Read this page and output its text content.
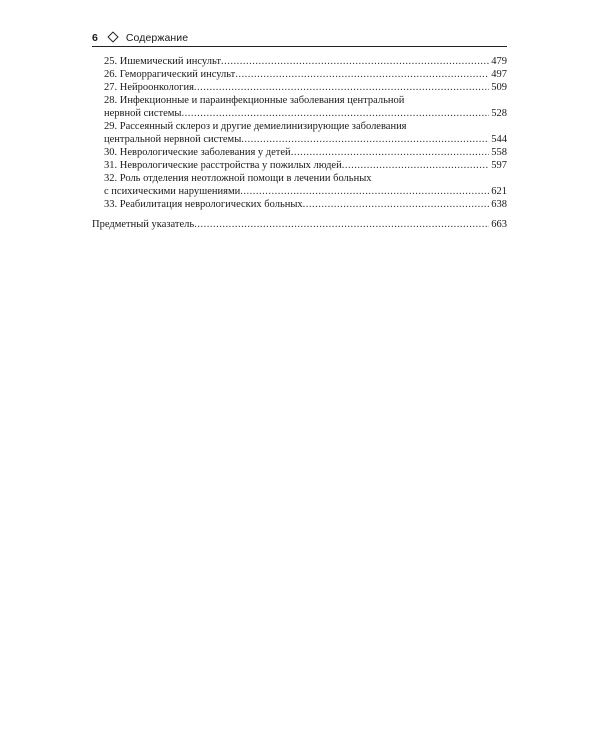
6	Содержание
25. Ишемический инсульт .....	479
26. Геморрагический инсульт .....	497
27. Нейроонкология .....	509
28. Инфекционные и параинфекционные заболевания центральной
нервной системы .....	528
29. Рассеянный склероз и другие демиелинизирующие заболевания
центральной нервной системы .....	544
30. Неврологические заболевания у детей .....	558
31. Неврологические расстройства у пожилых людей .....	597
32. Роль отделения неотложной помощи в лечении больных
с психическими нарушениями .....	621
33. Реабилитация неврологических больных .....	638
Предметный указатель .....	663
